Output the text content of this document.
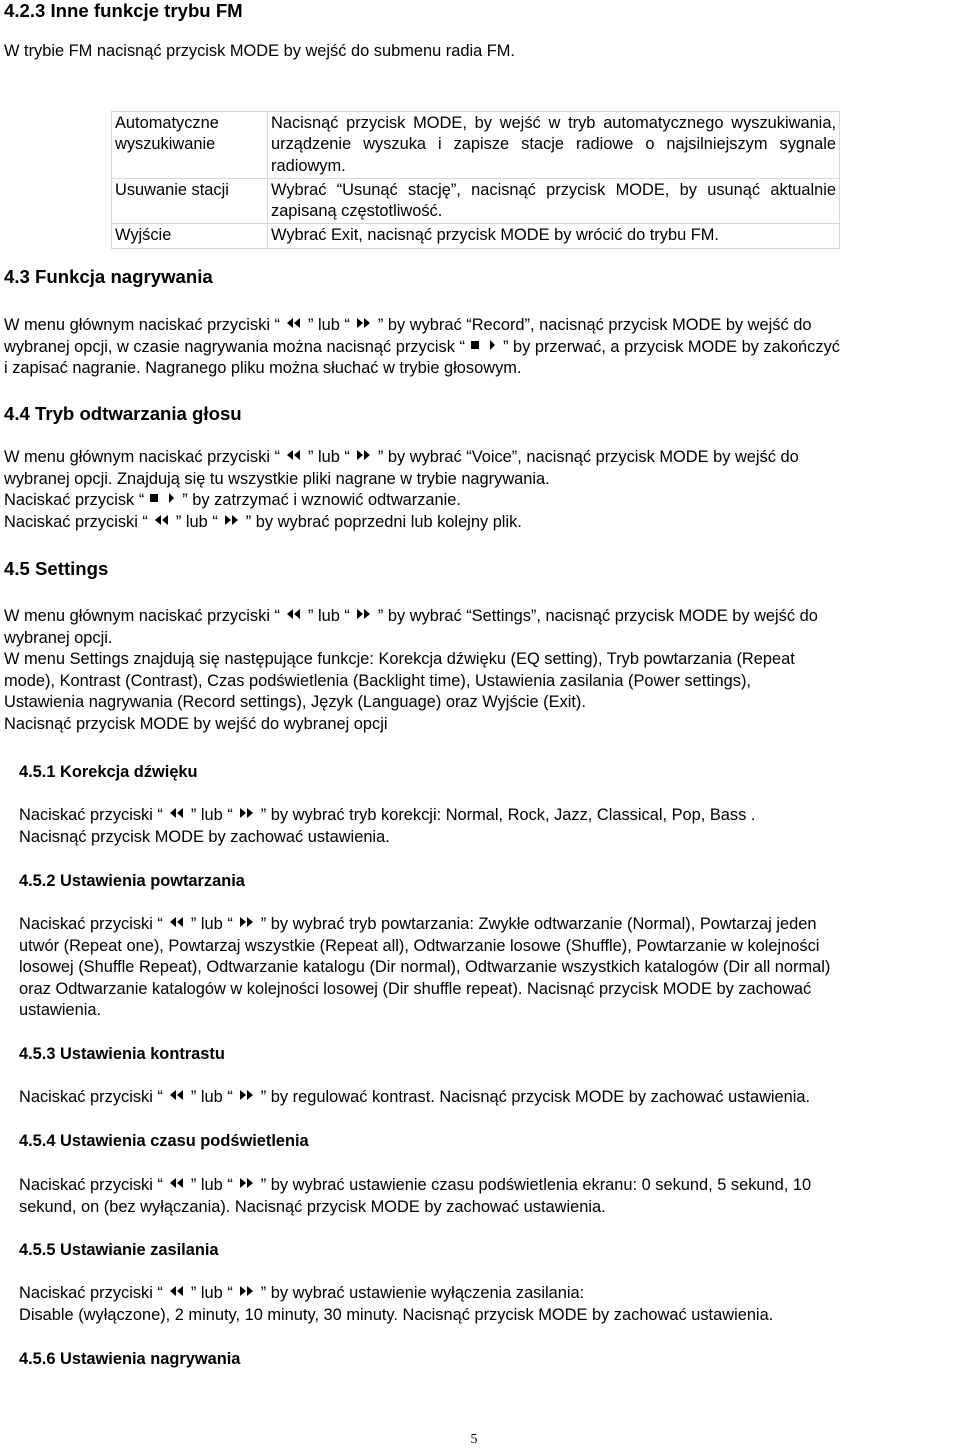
4.2.3 Inne funkcje trybu FM
W trybie FM nacisnąć przycisk MODE by wejść do submenu radia FM.
Automatyczne wyszukiwanie	Nacisnąć przycisk MODE, by wejść w tryb automatycznego wyszukiwania, urządzenie wyszuka i zapisze stacje radiowe o najsilniejszym sygnale radiowym.
Usuwanie stacji	Wybrać “Usunąć stację”, nacisnąć przycisk MODE, by usunąć aktualnie zapisaną częstotliwość.
Wyjście	Wybrać Exit, nacisnąć przycisk MODE by wrócić do trybu FM.
4.3 Funkcja nagrywania
W menu głównym naciskać przyciski “ ” lub “ ” by wybrać “Record”, nacisnąć przycisk MODE by wejść do
wybranej opcji, w czasie nagrywania można nacisnąć przycisk “ ” by przerwać, a przycisk MODE by zakończyć
i zapisać nagranie. Nagranego pliku można słuchać w trybie głosowym.
4.4 Tryb odtwarzania głosu
W menu głównym naciskać przyciski “ ” lub “ ” by wybrać “Voice”, nacisnąć przycisk MODE by wejść do
wybranej opcji. Znajdują się tu wszystkie pliki nagrane w trybie nagrywania.
Naciskać przycisk “ ” by zatrzymać i wznowić odtwarzanie.
Naciskać przyciski “ ” lub “ ” by wybrać poprzedni lub kolejny plik.
4.5 Settings
W menu głównym naciskać przyciski “ ” lub “ ” by wybrać “Settings”, nacisnąć przycisk MODE by wejść do
wybranej opcji.
W menu Settings znajdują się następujące funkcje: Korekcja dźwięku (EQ setting), Tryb powtarzania (Repeat
mode), Kontrast (Contrast), Czas podświetlenia (Backlight time), Ustawienia zasilania (Power settings),
Ustawienia nagrywania (Record settings), Język (Language) oraz Wyjście (Exit).
Nacisnąć przycisk MODE by wejść do wybranej opcji
4.5.1 Korekcja dźwięku
Naciskać przyciski “ ” lub “ ” by wybrać tryb korekcji: Normal, Rock, Jazz, Classical, Pop, Bass .
Nacisnąć przycisk MODE by zachować ustawienia.
4.5.2 Ustawienia powtarzania
Naciskać przyciski “ ” lub “ ” by wybrać tryb powtarzania: Zwykłe odtwarzanie (Normal), Powtarzaj jeden
utwór (Repeat one), Powtarzaj wszystkie (Repeat all), Odtwarzanie losowe (Shuffle), Powtarzanie w kolejności
losowej (Shuffle Repeat), Odtwarzanie katalogu (Dir normal), Odtwarzanie wszystkich katalogów (Dir all normal)
oraz Odtwarzanie katalogów w kolejności losowej (Dir shuffle repeat). Nacisnąć przycisk MODE by zachować
ustawienia.
4.5.3 Ustawienia kontrastu
Naciskać przyciski “ ” lub “ ” by regulować kontrast. Nacisnąć przycisk MODE by zachować ustawienia.
4.5.4 Ustawienia czasu podświetlenia
Naciskać przyciski “ ” lub “ ” by wybrać ustawienie czasu podświetlenia ekranu: 0 sekund, 5 sekund, 10
sekund, on (bez wyłączania). Nacisnąć przycisk MODE by zachować ustawienia.
4.5.5 Ustawianie zasilania
Naciskać przyciski “ ” lub “ ” by wybrać ustawienie wyłączenia zasilania:
Disable (wyłączone), 2 minuty, 10 minuty, 30 minuty. Nacisnąć przycisk MODE by zachować ustawienia.
4.5.6 Ustawienia nagrywania
5
